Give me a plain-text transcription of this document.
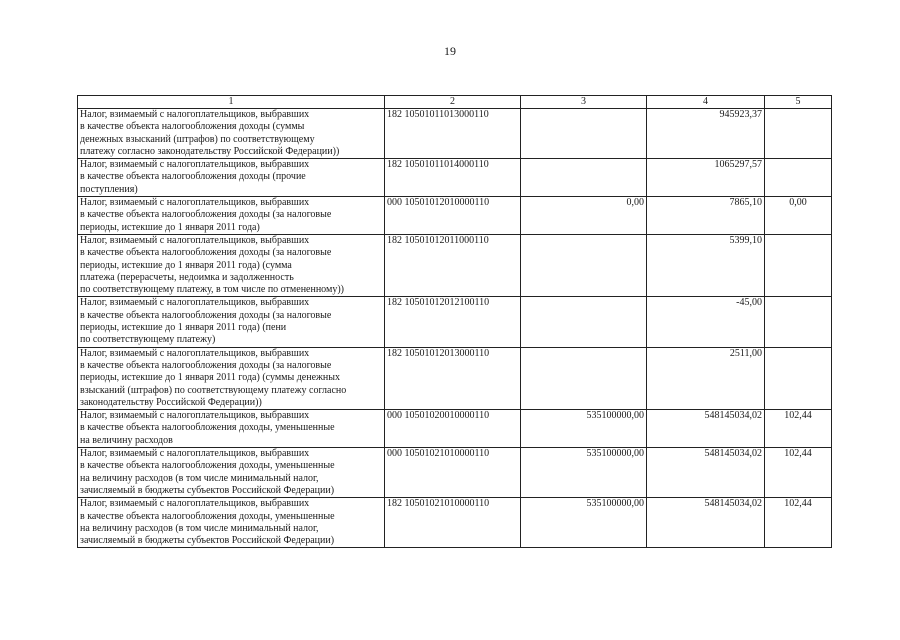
19
1	2	3	4	5

Налог, взимаемый с налогоплательщиков, выбравших
в качестве объекта налогообложения доходы (суммы
денежных взысканий (штрафов) по соответствующему
платежу согласно законодательству Российской Федерации))	182 10501011013000110		945923,37	

Налог, взимаемый с налогоплательщиков, выбравших
в качестве объекта налогообложения доходы (прочие
поступления)	182 10501011014000110		1065297,57	

Налог, взимаемый с налогоплательщиков, выбравших
в качестве объекта налогообложения доходы (за налоговые
периоды, истекшие до 1 января 2011 года)	000 10501012010000110	0,00	7865,10	0,00

Налог, взимаемый с налогоплательщиков, выбравших
в качестве объекта налогообложения доходы (за налоговые
периоды, истекшие до 1 января 2011 года) (сумма
платежа (перерасчеты, недоимка и задолженность
по соответствующему платежу, в том числе по отмененному))	182 10501012011000110		5399,10	

Налог, взимаемый с налогоплательщиков, выбравших
в качестве объекта налогообложения доходы (за налоговые
периоды, истекшие до 1 января 2011 года) (пени
по соответствующему платежу)	182 10501012012100110		-45,00	

Налог, взимаемый с налогоплательщиков, выбравших
в качестве объекта налогообложения доходы (за налоговые
периоды, истекшие до 1 января 2011 года) (суммы денежных
взысканий (штрафов) по соответствующему платежу согласно
законодательству Российской Федерации))	182 10501012013000110		2511,00	

Налог, взимаемый с налогоплательщиков, выбравших
в качестве объекта налогообложения доходы, уменьшенные
на величину расходов	000 10501020010000110	535100000,00	548145034,02	102,44

Налог, взимаемый с налогоплательщиков, выбравших
в качестве объекта налогообложения доходы, уменьшенные
на величину расходов (в том числе минимальный налог,
зачисляемый в бюджеты субъектов Российской Федерации)	000 10501021010000110	535100000,00	548145034,02	102,44

Налог, взимаемый с налогоплательщиков, выбравших
в качестве объекта налогообложения доходы, уменьшенные
на величину расходов (в том числе минимальный налог,
зачисляемый в бюджеты субъектов Российской Федерации)	182 10501021010000110	535100000,00	548145034,02	102,44
